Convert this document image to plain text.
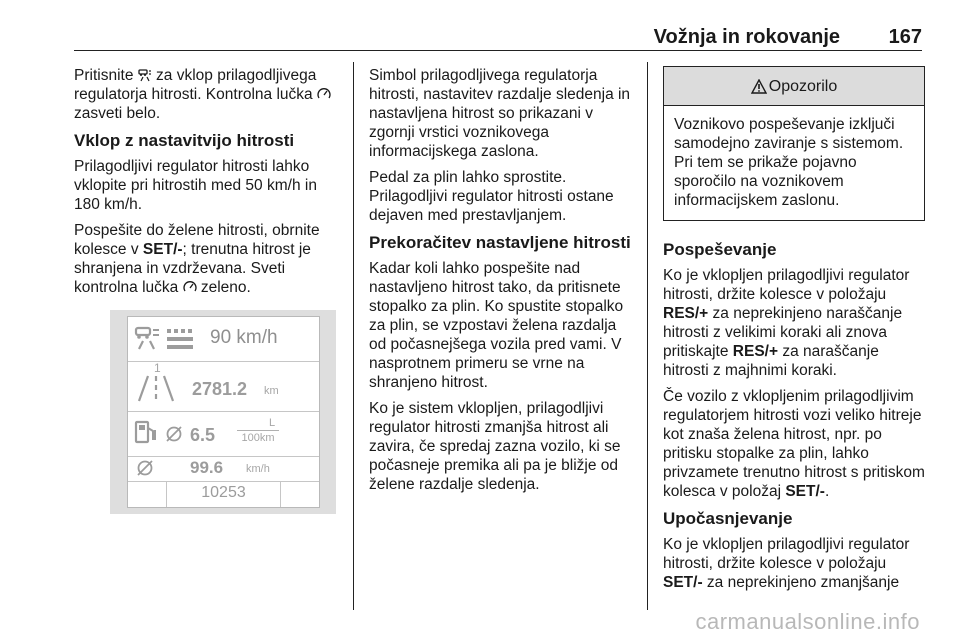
Vožnja in rokovanje 167

Pritisnite
za vklop prilagodljivega regulatorja hitrosti. Kontrolna lučka
zasveti belo.

Vklop z nastavitvijo hitrosti

Prilagodljivi regulator hitrosti lahko vklopite pri hitrostih med 50 km/h in 180 km/h.

Pospešite do želene hitrosti, obrnite kolesce v SET/-; trenutna hitrost je shranjena in vzdrževana. Sveti kontrolna lučka
zeleno.

90 km/h
1
2781.2 km
6.5
L
100km
99.6 km/h
10253

Simbol prilagodljivega regulatorja hitrosti, nastavitev razdalje sledenja in nastavljena hitrost so prikazani v zgornji vrstici voznikovega informacijskega zaslona.

Pedal za plin lahko sprostite. Prilagodljivi regulator hitrosti ostane dejaven med prestavljanjem.

Prekoračitev nastavljene hitrosti

Kadar koli lahko pospešite nad nastavljeno hitrost tako, da pritisnete stopalko za plin. Ko spustite stopalko za plin, se vzpostavi želena razdalja od počasnejšega vozila pred vami. V nasprotnem primeru se vrne na shranjeno hitrost.

Ko je sistem vklopljen, prilagodljivi regulator hitrosti zmanjša hitrost ali zavira, če spredaj zazna vozilo, ki se počasneje premika ali pa je bližje od želene razdalje sledenja.

Opozorilo
Voznikovo pospeševanje izključi samodejno zaviranje s sistemom. Pri tem se prikaže pojavno sporočilo na voznikovem informacijskem zaslonu.
Pospeševanje

Ko je vklopljen prilagodljivi regulator hitrosti, držite kolesce v položaju RES/+ za neprekinjeno naraščanje hitrosti z velikimi koraki ali znova pritiskajte RES/+ za naraščanje hitrosti z majhnimi koraki.

Če vozilo z vklopljenim prilagodljivim regulatorjem hitrosti vozi veliko hitreje kot znaša želena hitrost, npr. po pritisku stopalke za plin, lahko privzamete trenutno hitrost s pritiskom kolesca v položaj SET/-.

Upočasnjevanje

Ko je vklopljen prilagodljivi regulator hitrosti, držite kolesce v položaju SET/- za neprekinjeno zmanjšanje

carmanualsonline.info
